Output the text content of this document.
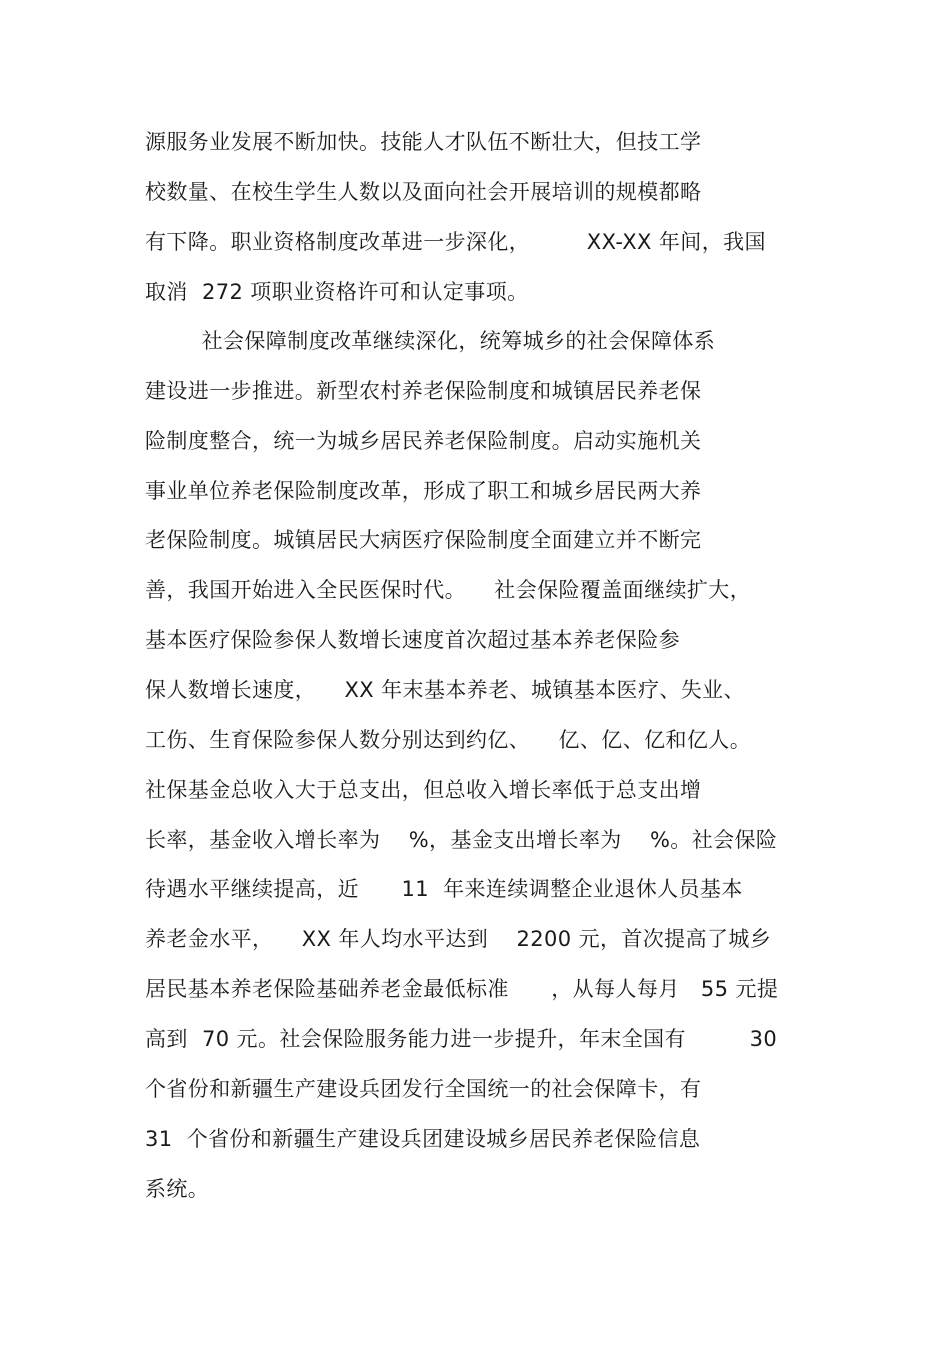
源服务业发展不断加快。技能人才队伍不断壮大，但技工学
校数量、在校生学生人数以及面向社会开展培训的规模都略
有下降。职业资格制度改革进一步深化，        XX-XX 年间，我国
取消  272 项职业资格许可和认定事项。
社会保障制度改革继续深化，统筹城乡的社会保障体系
建设进一步推进。新型农村养老保险制度和城镇居民养老保
险制度整合，统一为城乡居民养老保险制度。启动实施机关
事业单位养老保险制度改革，形成了职工和城乡居民两大养
老保险制度。城镇居民大病医疗保险制度全面建立并不断完
善，我国开始进入全民医保时代。    社会保险覆盖面继续扩大，
基本医疗保险参保人数增长速度首次超过基本养老保险参
保人数增长速度，    XX 年末基本养老、城镇基本医疗、失业、
工伤、生育保险参保人数分别达到约亿、    亿、亿、亿和亿人。
社保基金总收入大于总支出，但总收入增长率低于总支出增
长率，基金收入增长率为    %，基金支出增长率为    %。社会保险
待遇水平继续提高，近      11  年来连续调整企业退休人员基本
养老金水平，    XX 年人均水平达到    2200 元，首次提高了城乡
居民基本养老保险基础养老金最低标准      ，从每人每月   55 元提
高到  70 元。社会保险服务能力进一步提升，年末全国有         30
个省份和新疆生产建设兵团发行全国统一的社会保障卡，有
31  个省份和新疆生产建设兵团建设城乡居民养老保险信息
系统。
